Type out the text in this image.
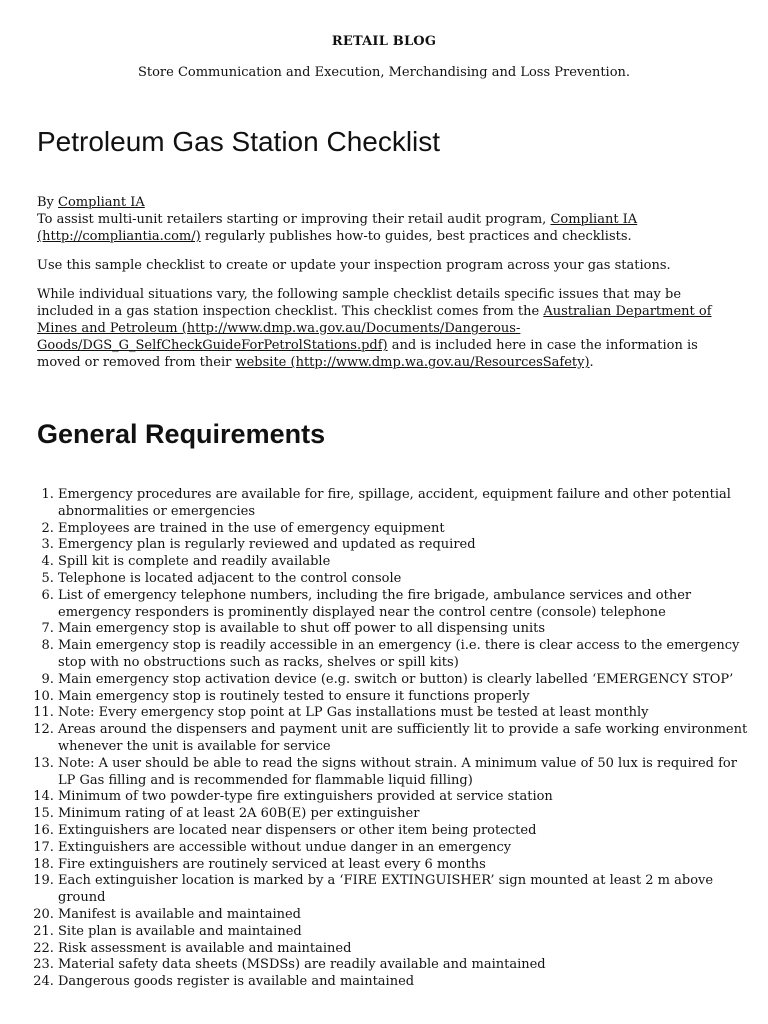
RETAIL BLOG
Store Communication and Execution, Merchandising and Loss Prevention.
Petroleum Gas Station Checklist

By Compliant IA
To assist multi-unit retailers starting or improving their retail audit program, Compliant IA (http://compliantia.com/) regularly publishes how-to guides, best practices and checklists.

Use this sample checklist to create or update your inspection program across your gas stations.

While individual situations vary, the following sample checklist details specific issues that may be included in a gas station inspection checklist. This checklist comes from the Australian Department of Mines and Petroleum (http://www.dmp.wa.gov.au/Documents/Dangerous-Goods/DGS_G_SelfCheckGuideForPetrolStations.pdf) and is included here in case the information is moved or removed from their website (http://www.dmp.wa.gov.au/ResourcesSafety).

General Requirements
1. Emergency procedures are available for fire, spillage, accident, equipment failure and other potential abnormalities or emergencies
2. Employees are trained in the use of emergency equipment
3. Emergency plan is regularly reviewed and updated as required
4. Spill kit is complete and readily available
5. Telephone is located adjacent to the control console
6. List of emergency telephone numbers, including the fire brigade, ambulance services and other emergency responders is prominently displayed near the control centre (console) telephone
7. Main emergency stop is available to shut off power to all dispensing units
8. Main emergency stop is readily accessible in an emergency (i.e. there is clear access to the emergency stop with no obstructions such as racks, shelves or spill kits)
9. Main emergency stop activation device (e.g. switch or button) is clearly labelled ‘EMERGENCY STOP’
10. Main emergency stop is routinely tested to ensure it functions properly
11. Note: Every emergency stop point at LP Gas installations must be tested at least monthly
12. Areas around the dispensers and payment unit are sufficiently lit to provide a safe working environment whenever the unit is available for service
13. Note: A user should be able to read the signs without strain. A minimum value of 50 lux is required for LP Gas filling and is recommended for flammable liquid filling)
14. Minimum of two powder-type fire extinguishers provided at service station
15. Minimum rating of at least 2A 60B(E) per extinguisher
16. Extinguishers are located near dispensers or other item being protected
17. Extinguishers are accessible without undue danger in an emergency
18. Fire extinguishers are routinely serviced at least every 6 months
19. Each extinguisher location is marked by a ‘FIRE EXTINGUISHER’ sign mounted at least 2 m above ground
20. Manifest is available and maintained
21. Site plan is available and maintained
22. Risk assessment is available and maintained
23. Material safety data sheets (MSDSs) are readily available and maintained
24. Dangerous goods register is available and maintained
